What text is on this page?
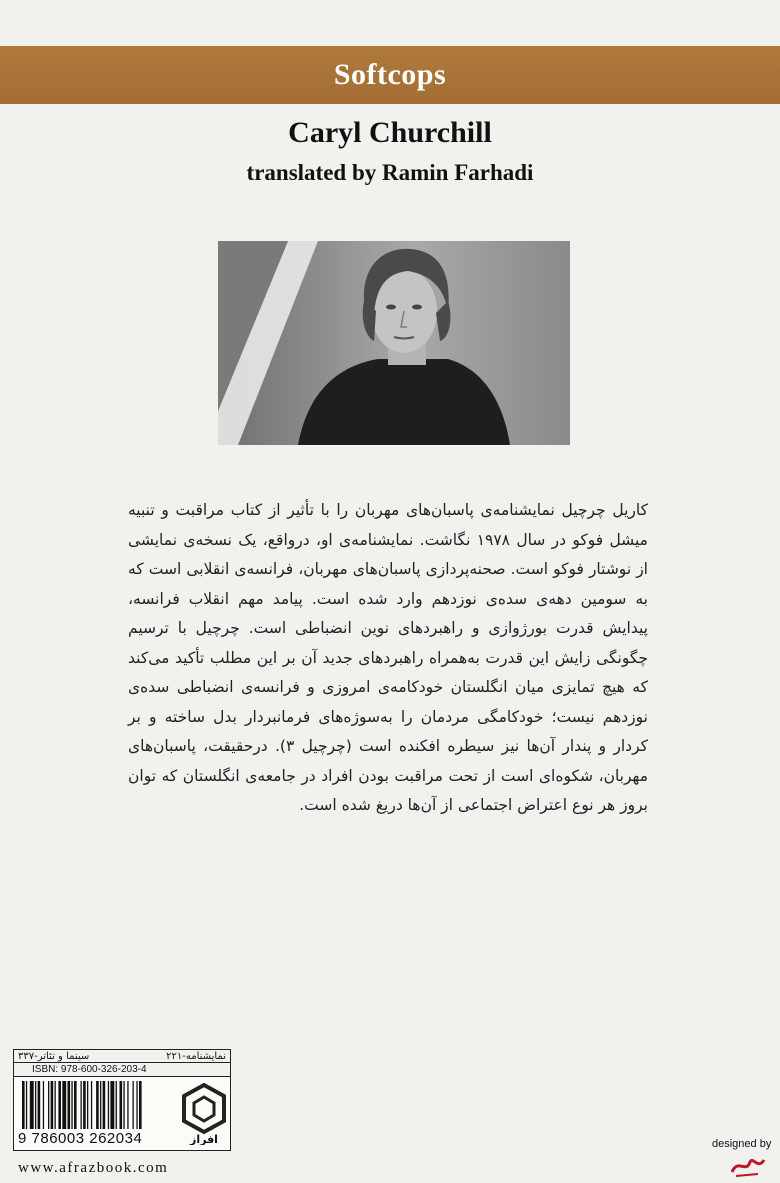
Softcops
Caryl Churchill
translated by Ramin Farhadi
کاریل چرچیل نمایشنامه‌ی پاسبان‌های مهربان را با تأثیر از کتاب مراقبت و تنبیه میشل فوکو در سال ۱۹۷۸ نگاشت. نمایشنامه‌ی او، درواقع، یک نسخه‌ی نمایشی از نوشتار فوکو است. صحنه‌پردازی پاسبان‌های مهربان، فرانسه‌ی انقلابی است که به سومین دهه‌ی سده‌ی نوزدهم وارد شده است. پیامد مهم انقلاب فرانسه، پیدایش قدرت بورژوازی و راهبردهای نوین انضباطی است. چرچیل با ترسیم چگونگی زایش این قدرت به‌همراه راهبردهای جدید آن بر این مطلب تأکید می‌کند که هیچ تمایزی میان انگلستان خودکامه‌ی امروزی و فرانسه‌ی انضباطی سده‌ی نوزدهم نیست؛ خودکامگی مردمان را به‌سوژه‌های فرمانبردار بدل ساخته و بر کردار و پندار آن‌ها نیز سیطره افکنده است (چرچیل ۳). درحقیقت، پاسبان‌های مهربان، شکوه‌ای است از تحت مراقبت بودن افراد در جامعه‌ی انگلستان که توان بروز هر نوع اعتراض اجتماعی از آن‌ها دریغ شده است.
نمایشنامه-۲۲۱
سینما و تئاتر-۳۳۷
ISBN: 978-600-326-203-4
9 786003 262034	افراز
www.afrazbook.com
designed by
